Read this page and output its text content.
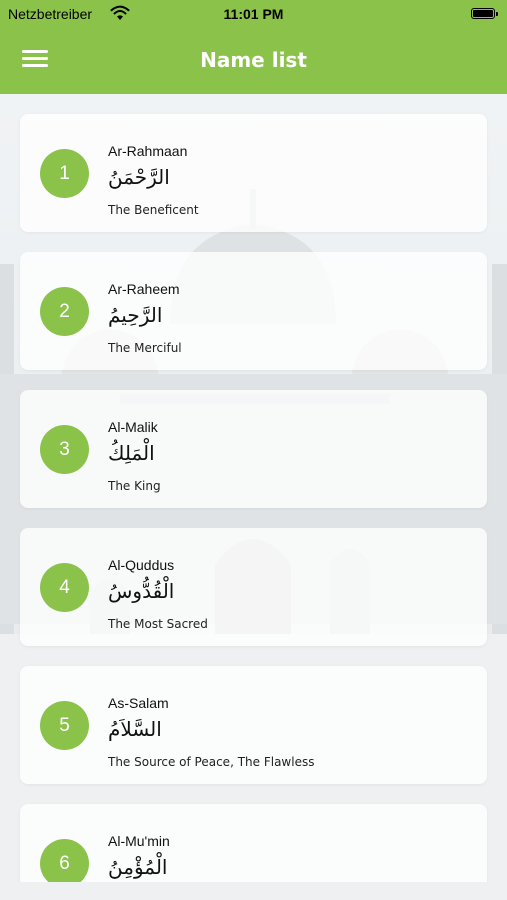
Netzbetreiber	11:01 PM
Name list
1
Ar-Rahmaan
الرَّحْمَنُ
The Beneficent
2
Ar-Raheem
الرَّحِيمُ
The Merciful
3
Al-Malik
الْمَلِكُ
The King
4
Al-Quddus
الْقُدُّوسُ
The Most Sacred
5
As-Salam
السَّلاَمُ
The Source of Peace, The Flawless
6
Al-Mu'min
الْمُؤْمِنُ
